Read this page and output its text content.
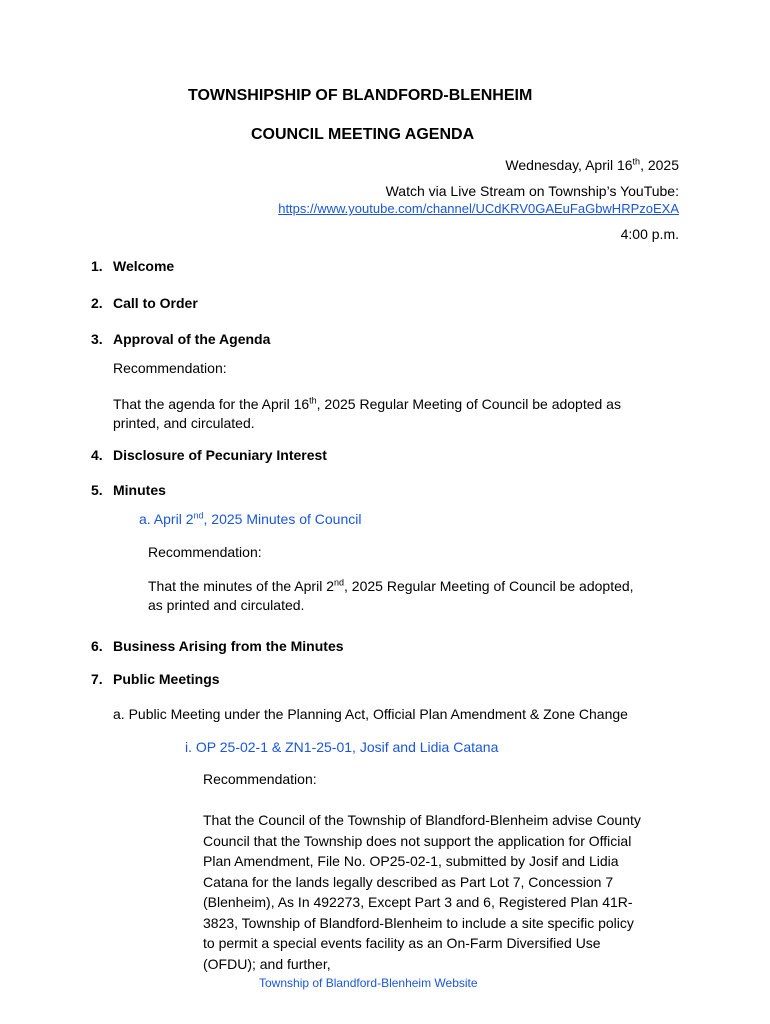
TOWNSHIPSHIP OF BLANDFORD-BLENHEIM
COUNCIL MEETING AGENDA
Wednesday, April 16th, 2025
Watch via Live Stream on Township’s YouTube:
https://www.youtube.com/channel/UCdKRV0GAEuFaGbwHRPzoEXA
4:00 p.m.
1. Welcome
2. Call to Order
3. Approval of the Agenda
Recommendation:
That the agenda for the April 16th, 2025 Regular Meeting of Council be adopted as
printed, and circulated.
4. Disclosure of Pecuniary Interest
5. Minutes
a. April 2nd, 2025 Minutes of Council
Recommendation:
That the minutes of the April 2nd, 2025 Regular Meeting of Council be adopted,
as printed and circulated.
6. Business Arising from the Minutes
7. Public Meetings
a. Public Meeting under the Planning Act, Official Plan Amendment & Zone Change
i. OP 25-02-1 & ZN1-25-01, Josif and Lidia Catana
Recommendation:
That the Council of the Township of Blandford-Blenheim advise County
Council that the Township does not support the application for Official
Plan Amendment, File No. OP25-02-1, submitted by Josif and Lidia
Catana for the lands legally described as Part Lot 7, Concession 7
(Blenheim), As In 492273, Except Part 3 and 6, Registered Plan 41R-
3823, Township of Blandford-Blenheim to include a site specific policy
to permit a special events facility as an On-Farm Diversified Use
(OFDU); and further,
Township of Blandford-Blenheim Website
